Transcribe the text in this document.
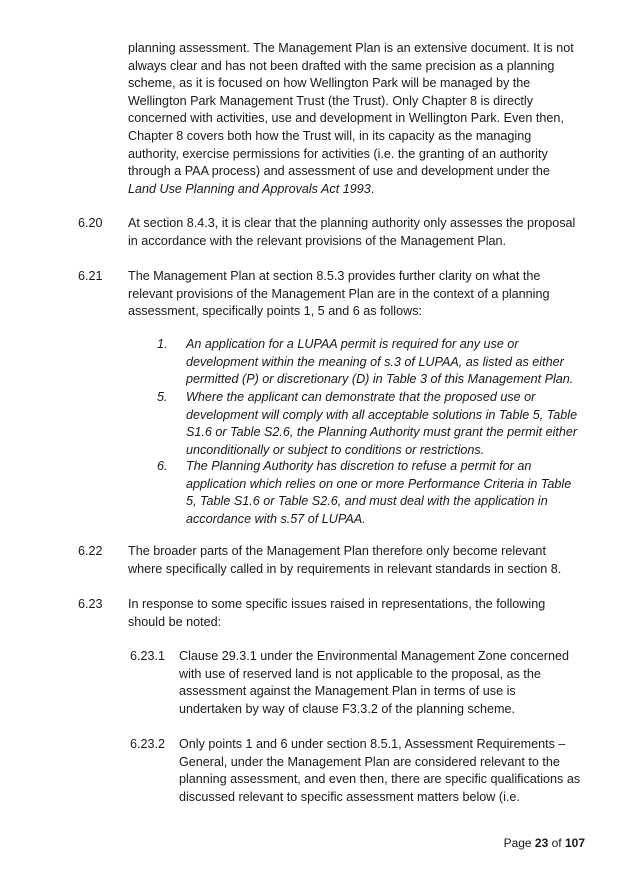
planning assessment. The Management Plan is an extensive document. It is not always clear and has not been drafted with the same precision as a planning scheme, as it is focused on how Wellington Park will be managed by the Wellington Park Management Trust (the Trust). Only Chapter 8 is directly concerned with activities, use and development in Wellington Park. Even then, Chapter 8 covers both how the Trust will, in its capacity as the managing authority, exercise permissions for activities (i.e. the granting of an authority through a PAA process) and assessment of use and development under the Land Use Planning and Approvals Act 1993.

6.20 At section 8.4.3, it is clear that the planning authority only assesses the proposal in accordance with the relevant provisions of the Management Plan.

6.21 The Management Plan at section 8.5.3 provides further clarity on what the relevant provisions of the Management Plan are in the context of a planning assessment, specifically points 1, 5 and 6 as follows:

1. An application for a LUPAA permit is required for any use or development within the meaning of s.3 of LUPAA, as listed as either permitted (P) or discretionary (D) in Table 3 of this Management Plan.

5. Where the applicant can demonstrate that the proposed use or development will comply with all acceptable solutions in Table 5, Table S1.6 or Table S2.6, the Planning Authority must grant the permit either unconditionally or subject to conditions or restrictions.

6. The Planning Authority has discretion to refuse a permit for an application which relies on one or more Performance Criteria in Table 5, Table S1.6 or Table S2.6, and must deal with the application in accordance with s.57 of LUPAA.

6.22 The broader parts of the Management Plan therefore only become relevant where specifically called in by requirements in relevant standards in section 8.

6.23 In response to some specific issues raised in representations, the following should be noted:

6.23.1 Clause 29.3.1 under the Environmental Management Zone concerned with use of reserved land is not applicable to the proposal, as the assessment against the Management Plan in terms of use is undertaken by way of clause F3.3.2 of the planning scheme.

6.23.2 Only points 1 and 6 under section 8.5.1, Assessment Requirements – General, under the Management Plan are considered relevant to the planning assessment, and even then, there are specific qualifications as discussed relevant to specific assessment matters below (i.e.

Page 23 of 107
